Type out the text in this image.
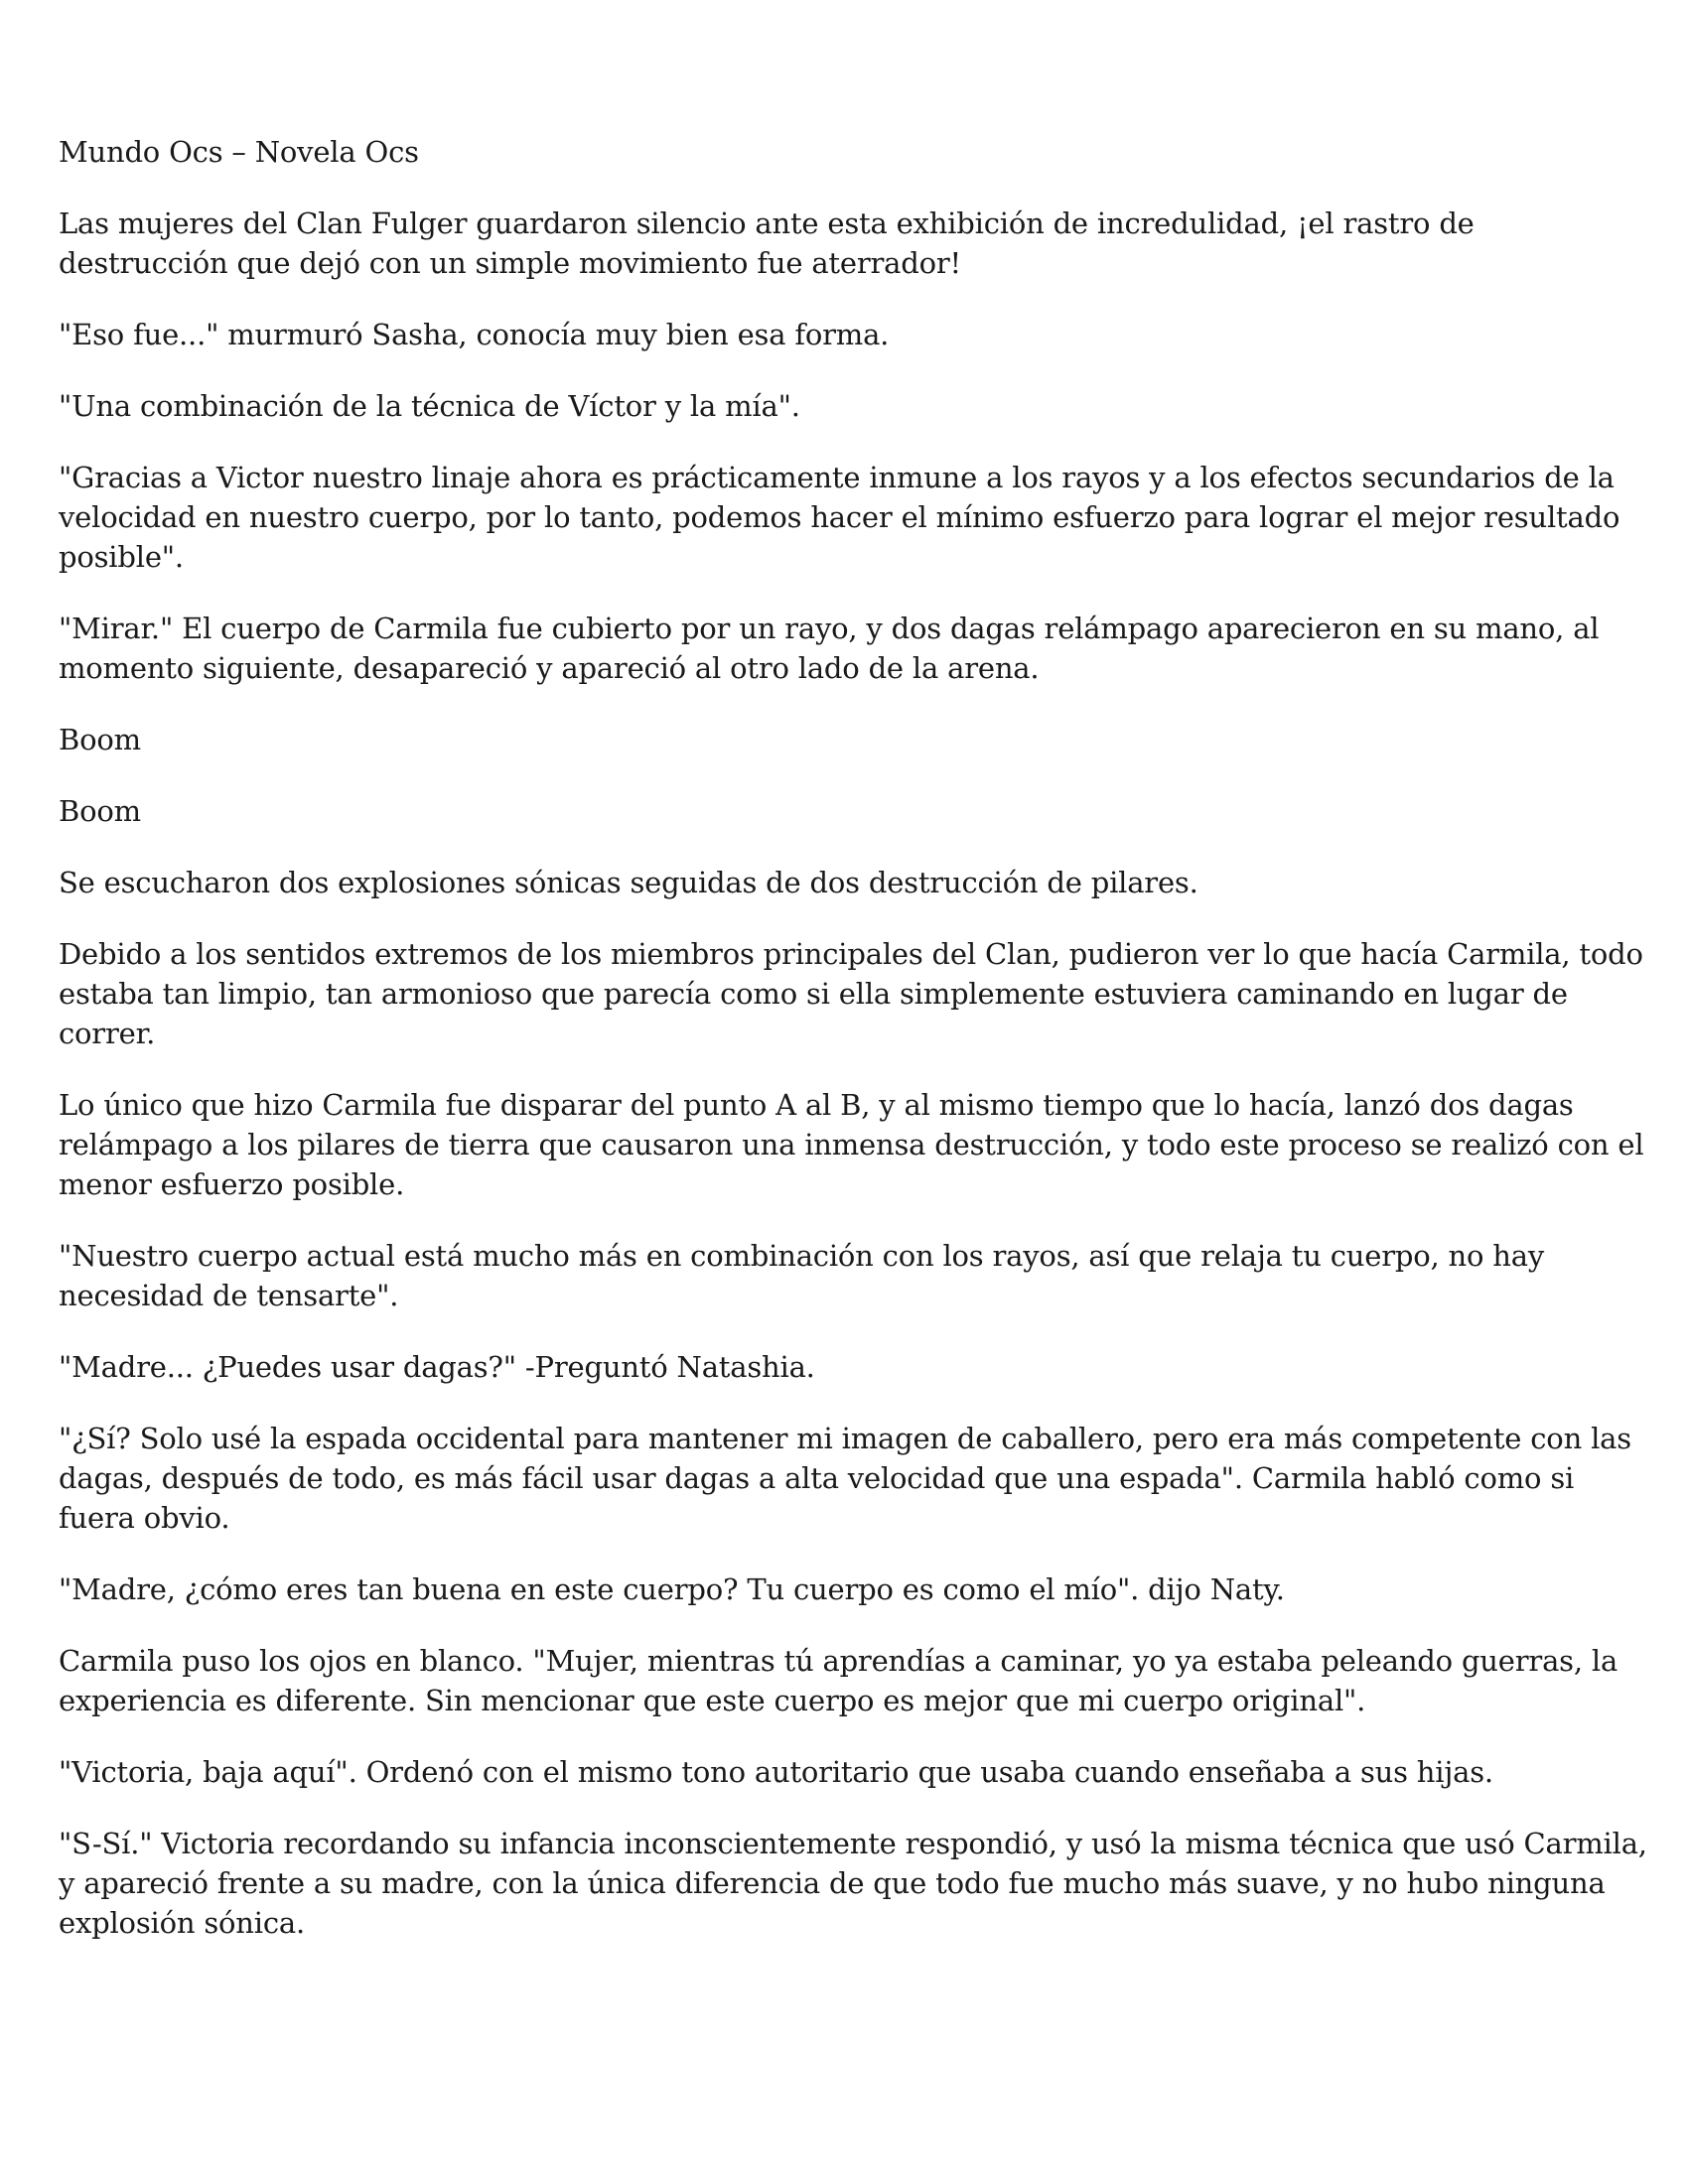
Mundo Ocs – Novela Ocs

Las mujeres del Clan Fulger guardaron silencio ante esta exhibición de incredulidad, ¡el rastro de destrucción que dejó con un simple movimiento fue aterrador!

"Eso fue..." murmuró Sasha, conocía muy bien esa forma.

"Una combinación de la técnica de Víctor y la mía".

"Gracias a Victor nuestro linaje ahora es prácticamente inmune a los rayos y a los efectos secundarios de la velocidad en nuestro cuerpo, por lo tanto, podemos hacer el mínimo esfuerzo para lograr el mejor resultado posible".

"Mirar." El cuerpo de Carmila fue cubierto por un rayo, y dos dagas relámpago aparecieron en su mano, al momento siguiente, desapareció y apareció al otro lado de la arena.

Boom

Boom

Se escucharon dos explosiones sónicas seguidas de dos destrucción de pilares.

Debido a los sentidos extremos de los miembros principales del Clan, pudieron ver lo que hacía Carmila, todo estaba tan limpio, tan armonioso que parecía como si ella simplemente estuviera caminando en lugar de correr.

Lo único que hizo Carmila fue disparar del punto A al B, y al mismo tiempo que lo hacía, lanzó dos dagas relámpago a los pilares de tierra que causaron una inmensa destrucción, y todo este proceso se realizó con el menor esfuerzo posible.

"Nuestro cuerpo actual está mucho más en combinación con los rayos, así que relaja tu cuerpo, no hay necesidad de tensarte".

"Madre... ¿Puedes usar dagas?" -Preguntó Natashia.

"¿Sí? Solo usé la espada occidental para mantener mi imagen de caballero, pero era más competente con las dagas, después de todo, es más fácil usar dagas a alta velocidad que una espada". Carmila habló como si fuera obvio.

"Madre, ¿cómo eres tan buena en este cuerpo? Tu cuerpo es como el mío". dijo Naty.

Carmila puso los ojos en blanco. "Mujer, mientras tú aprendías a caminar, yo ya estaba peleando guerras, la experiencia es diferente. Sin mencionar que este cuerpo es mejor que mi cuerpo original".

"Victoria, baja aquí". Ordenó con el mismo tono autoritario que usaba cuando enseñaba a sus hijas.

"S-Sí." Victoria recordando su infancia inconscientemente respondió, y usó la misma técnica que usó Carmila, y apareció frente a su madre, con la única diferencia de que todo fue mucho más suave, y no hubo ninguna explosión sónica.
